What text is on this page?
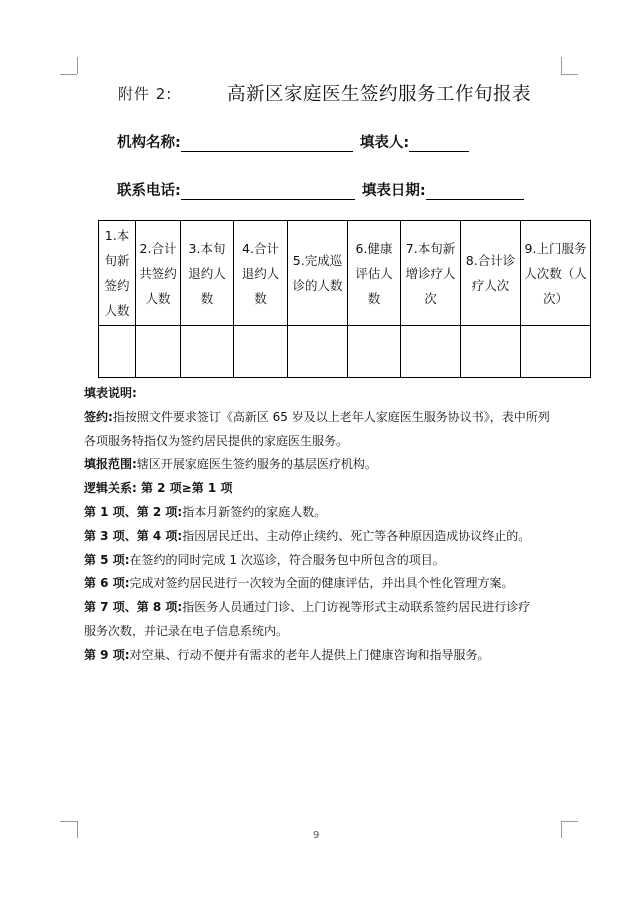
附件 2:	高新区家庭医生签约服务工作旬报表
机构名称:	填表人:
联系电话:	填表日期:
1.本旬新签约人数	2.合计共签约人数	3.本旬退约人数	4.合计退约人数	5.完成巡诊的人数	6.健康评估人数	7.本旬新增诊疗人次	8.合计诊疗人次	9.上门服务人次数（人次）

填表说明:

签约:指按照文件要求签订《高新区 65 岁及以上老年人家庭医生服务协议书》，表中所列

各项服务特指仅为签约居民提供的家庭医生服务。

填报范围:辖区开展家庭医生签约服务的基层医疗机构。

逻辑关系: 第 2 项≥第 1 项

第 1 项、第 2 项:指本月新签约的家庭人数。

第 3 项、第 4 项:指因居民迁出、主动停止续约、死亡等各种原因造成协议终止的。

第 5 项:在签约的同时完成 1 次巡诊，符合服务包中所包含的项目。

第 6 项:完成对签约居民进行一次较为全面的健康评估，并出具个性化管理方案。

第 7 项、第 8 项:指医务人员通过门诊、上门访视等形式主动联系签约居民进行诊疗

服务次数，并记录在电子信息系统内。

第 9 项:对空巢、行动不便并有需求的老年人提供上门健康咨询和指导服务。

9
